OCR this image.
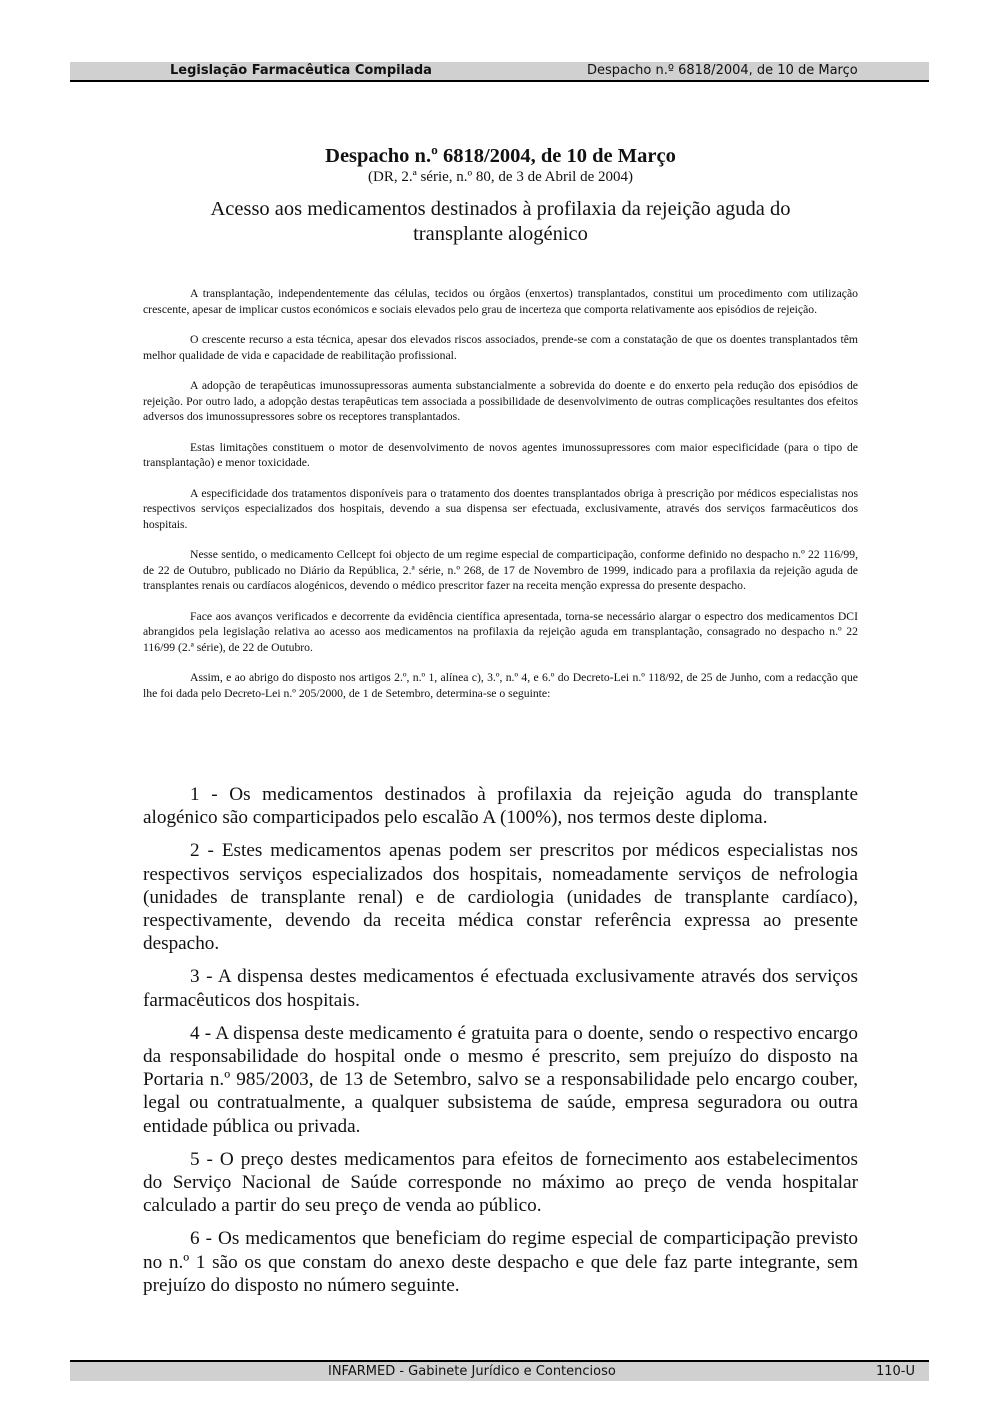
Legislação Farmacêutica Compilada	Despacho n.º 6818/2004, de 10 de Março
Despacho n.º 6818/2004, de 10 de Março
(DR, 2.ª série, n.º 80, de 3 de Abril de 2004)
Acesso aos medicamentos destinados à profilaxia da rejeição aguda do transplante alogénico

A transplantação, independentemente das células, tecidos ou órgãos (enxertos) transplantados, constitui um procedimento com utilização crescente, apesar de implicar custos económicos e sociais elevados pelo grau de incerteza que comporta relativamente aos episódios de rejeição.

O crescente recurso a esta técnica, apesar dos elevados riscos associados, prende-se com a constatação de que os doentes transplantados têm melhor qualidade de vida e capacidade de reabilitação profissional.

A adopção de terapêuticas imunossupressoras aumenta substancialmente a sobrevida do doente e do enxerto pela redução dos episódios de rejeição. Por outro lado, a adopção destas terapêuticas tem associada a possibilidade de desenvolvimento de outras complicações resultantes dos efeitos adversos dos imunossupressores sobre os receptores transplantados.

Estas limitações constituem o motor de desenvolvimento de novos agentes imunossupressores com maior especificidade (para o tipo de transplantação) e menor toxicidade.

A especificidade dos tratamentos disponíveis para o tratamento dos doentes transplantados obriga à prescrição por médicos especialistas nos respectivos serviços especializados dos hospitais, devendo a sua dispensa ser efectuada, exclusivamente, através dos serviços farmacêuticos dos hospitais.

Nesse sentido, o medicamento Cellcept foi objecto de um regime especial de comparticipação, conforme definido no despacho n.º 22 116/99, de 22 de Outubro, publicado no Diário da República, 2.ª série, n.º 268, de 17 de Novembro de 1999, indicado para a profilaxia da rejeição aguda de transplantes renais ou cardíacos alogénicos, devendo o médico prescritor fazer na receita menção expressa do presente despacho.

Face aos avanços verificados e decorrente da evidência científica apresentada, torna-se necessário alargar o espectro dos medicamentos DCI abrangidos pela legislação relativa ao acesso aos medicamentos na profilaxia da rejeição aguda em transplantação, consagrado no despacho n.º 22 116/99 (2.ª série), de 22 de Outubro.

Assim, e ao abrigo do disposto nos artigos 2.º, n.º 1, alínea c), 3.º, n.º 4, e 6.º do Decreto-Lei n.º 118/92, de 25 de Junho, com a redacção que lhe foi dada pelo Decreto-Lei n.º 205/2000, de 1 de Setembro, determina-se o seguinte:

1 - Os medicamentos destinados à profilaxia da rejeição aguda do transplante alogénico são comparticipados pelo escalão A (100%), nos termos deste diploma.

2 - Estes medicamentos apenas podem ser prescritos por médicos especialistas nos respectivos serviços especializados dos hospitais, nomeadamente serviços de nefrologia (unidades de transplante renal) e de cardiologia (unidades de transplante cardíaco), respectivamente, devendo da receita médica constar referência expressa ao presente despacho.

3 - A dispensa destes medicamentos é efectuada exclusivamente através dos serviços farmacêuticos dos hospitais.

4 - A dispensa deste medicamento é gratuita para o doente, sendo o respectivo encargo da responsabilidade do hospital onde o mesmo é prescrito, sem prejuízo do disposto na Portaria n.º 985/2003, de 13 de Setembro, salvo se a responsabilidade pelo encargo couber, legal ou contratualmente, a qualquer subsistema de saúde, empresa seguradora ou outra entidade pública ou privada.

5 - O preço destes medicamentos para efeitos de fornecimento aos estabelecimentos do Serviço Nacional de Saúde corresponde no máximo ao preço de venda hospitalar calculado a partir do seu preço de venda ao público.

6 - Os medicamentos que beneficiam do regime especial de comparticipação previsto no n.º 1 são os que constam do anexo deste despacho e que dele faz parte integrante, sem prejuízo do disposto no número seguinte.

INFARMED - Gabinete Jurídico e Contencioso	110-U
